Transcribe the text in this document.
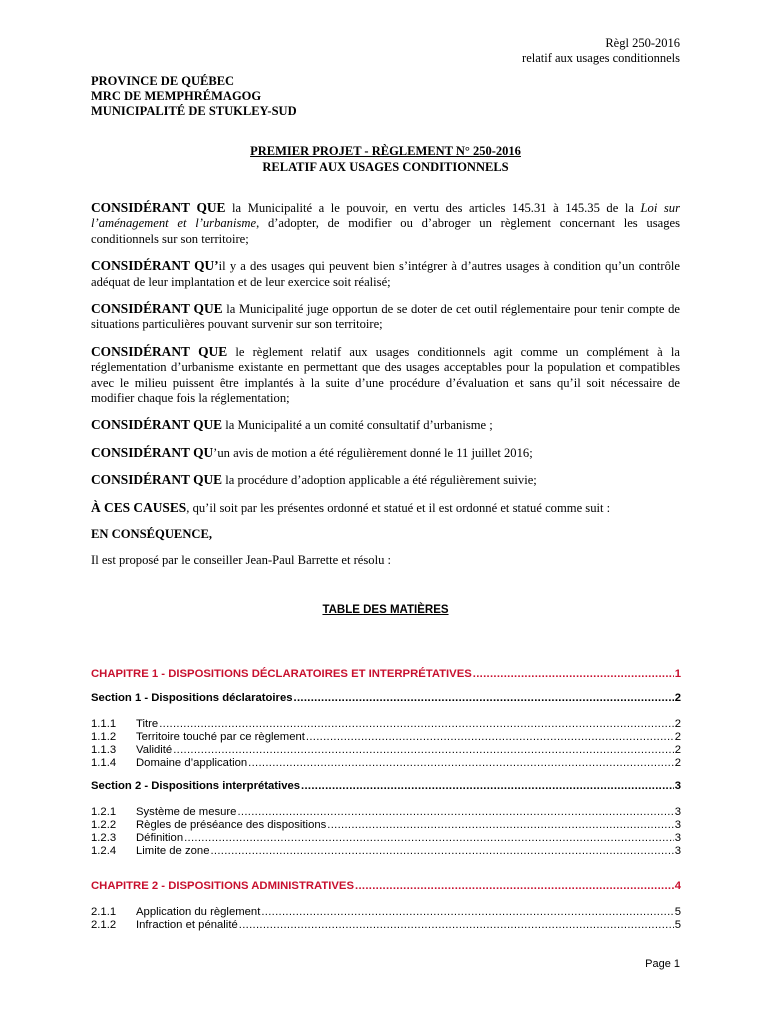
Règl 250-2016
relatif aux usages conditionnels
PROVINCE DE QUÉBEC
MRC DE MEMPHRÉMAGOG
MUNICIPALITÉ DE STUKLEY-SUD
PREMIER PROJET - RÈGLEMENT N° 250-2016
RELATIF AUX USAGES CONDITIONNELS

CONSIDÉRANT QUE la Municipalité a le pouvoir, en vertu des articles 145.31 à 145.35 de la Loi sur l’aménagement et l’urbanisme, d’adopter, de modifier ou d’abroger un règlement concernant les usages conditionnels sur son territoire;

CONSIDÉRANT QU’il y a des usages qui peuvent bien s’intégrer à d’autres usages à condition qu’un contrôle adéquat de leur implantation et de leur exercice soit réalisé;

CONSIDÉRANT QUE la Municipalité juge opportun de se doter de cet outil réglementaire pour tenir compte de situations particulières pouvant survenir sur son territoire;

CONSIDÉRANT QUE le règlement relatif aux usages conditionnels agit comme un complément à la réglementation d’urbanisme existante en permettant que des usages acceptables pour la population et compatibles avec le milieu puissent être implantés à la suite d’une procédure d’évaluation et sans qu’il soit nécessaire de modifier chaque fois la réglementation;

CONSIDÉRANT QUE la Municipalité a un comité consultatif d’urbanisme ;

CONSIDÉRANT QU’un avis de motion a été régulièrement donné le 11 juillet 2016;

CONSIDÉRANT QUE la procédure d’adoption applicable a été régulièrement suivie;

À CES CAUSES, qu’il soit par les présentes ordonné et statué et il est ordonné et statué comme suit :

EN CONSÉQUENCE,

Il est proposé par le conseiller Jean-Paul Barrette et résolu :

TABLE DES MATIÈRES
CHAPITRE 1 - DISPOSITIONS DÉCLARATOIRES ET INTERPRÉTATIVES .....	1
Section 1 - Dispositions déclaratoires .....	2
1.1.1	Titre .....	2
1.1.2	Territoire touché par ce règlement .....	2
1.1.3	Validité .....	2
1.1.4	Domaine d’application .....	2
Section 2 - Dispositions interprétatives .....	3
1.2.1	Système de mesure .....	3
1.2.2	Règles de préséance des dispositions .....	3
1.2.3	Définition .....	3
1.2.4	Limite de zone .....	3
CHAPITRE 2 - DISPOSITIONS ADMINISTRATIVES .....	4
2.1.1	Application du règlement .....	5
2.1.2	Infraction et pénalité .....	5
Page 1
